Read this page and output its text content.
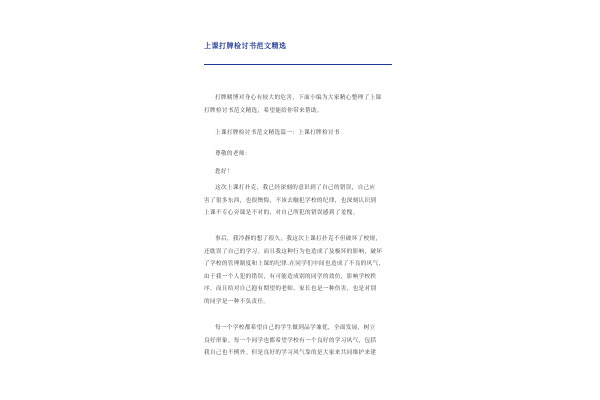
上课打牌检讨书范文精选
打牌赌博对身心有较大的危害，下面小编为大家精心整理了上课
打牌检讨书范文精选，希望能给你带来帮助。
上课打牌检讨书范文精选篇一：上课打牌检讨书
尊敬的老师：
您好！
这次上课打扑克，我已经深刻的意识到了自己的错误，自己应
害了很多东西，也很懊悔，不该去触犯学校的纪律，也深刻认识到
上课不专心旁课是不对的，对自己所犯的错误感到了羞愧。
事后，我冷静的想了很久，我这次上课打扑克不但破坏了校规，
还耽误了自己的学习。而且我这种行为也造成了及极坏的影响，破坏
了学校的管理制度和上课的纪律.在同学们中间也造成了不良的风气，
由于我一个人犯的错误，有可能造成别的同学的效仿，影响学校秩
序，而且给对自己抱有期望的老师、家长也是一种伤害，也是对别
的同学是一种不负责任。
每一个学校都希望自己的学生做到品学兼优，全面发展，树立
良好形象。每一个同学也都希望学校有一个良好的学习风气，包括
我自己也不例外。但是良好的学习风气靠的是大家来共同维护来建
